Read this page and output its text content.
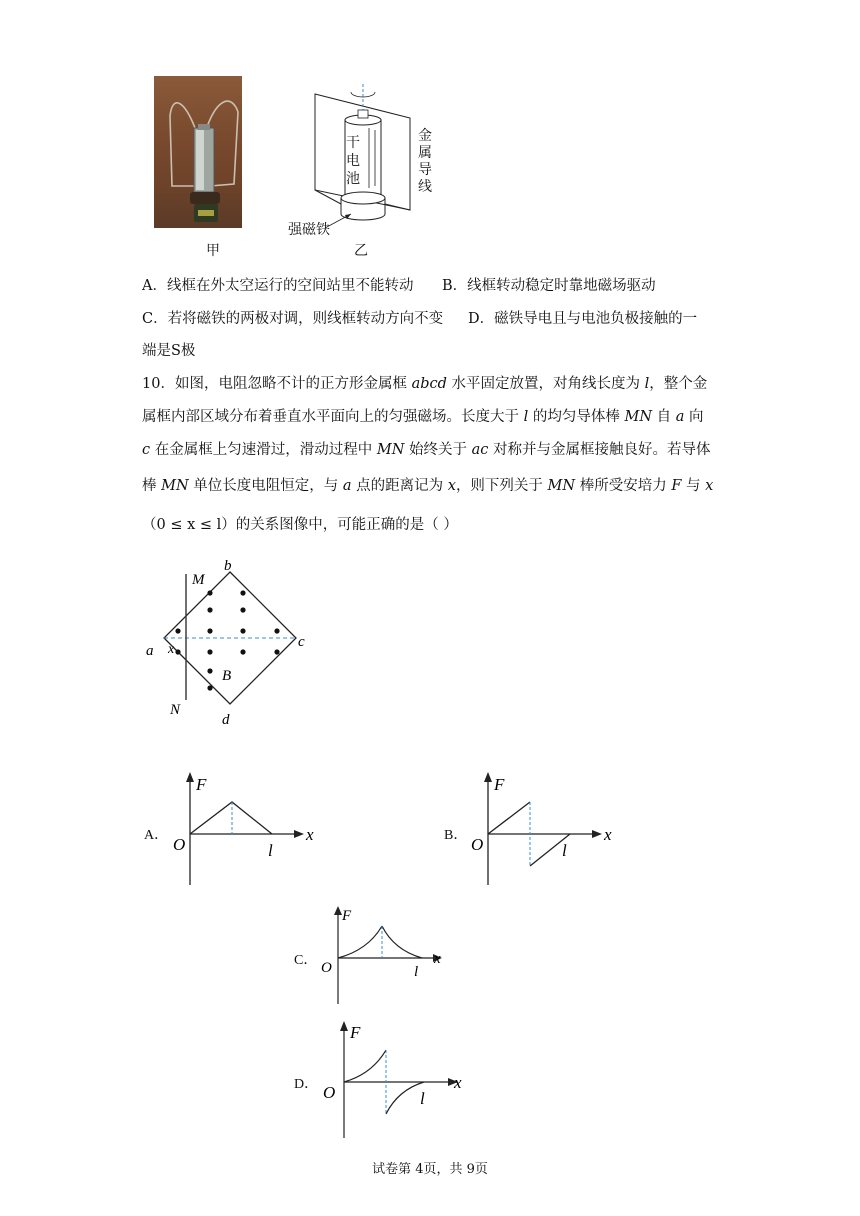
甲
干电池
金属导线
强磁铁
乙
A．线框在外太空运行的空间站里不能转动	B．线框转动稳定时靠地磁场驱动
C．若将磁铁的两极对调，则线框转动方向不变	D．磁铁导电且与电池负极接触的一
端是S极
10．如图，电阻忽略不计的正方形金属框 abcd 水平固定放置，对角线长度为 l，整个金
属框内部区域分布着垂直水平面向上的匀强磁场。长度大于 l 的均匀导体棒 MN 自 a 向
c 在金属框上匀速滑过，滑动过程中 MN 始终关于 ac 对称并与金属框接触良好。若导体
棒 MN 单位长度电阻恒定，与 a 点的距离记为 x，则下列关于 MN 棒所受安培力 F 与 x
（0 ≤ x ≤ l）的关系图像中，可能正确的是（ ）
M
b
a x	c
B
N
d
A．
F
O
x
l
B．
F
O
x
l
C．
F
O
x
l
D．
F
O
x
l
试卷第 4页，共 9页
